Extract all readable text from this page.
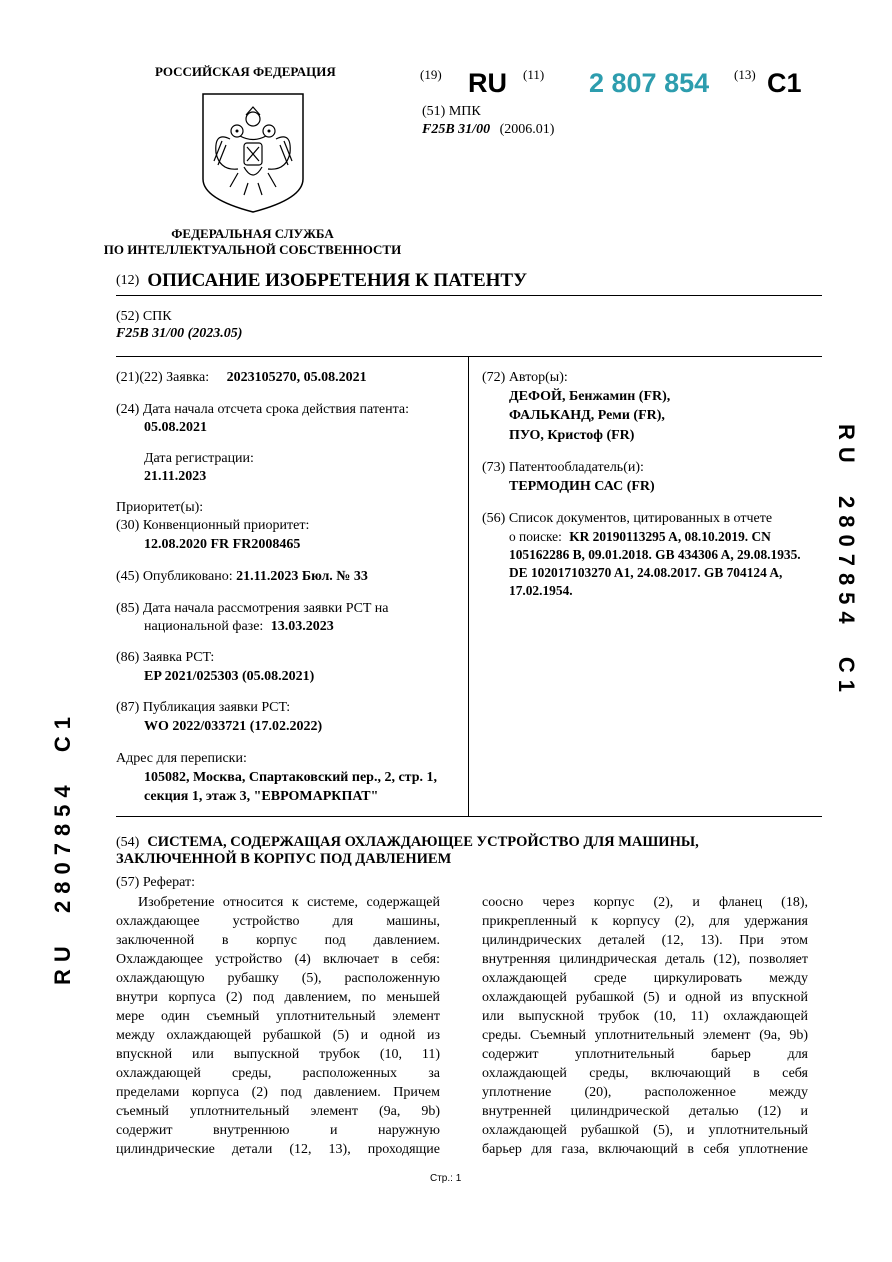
РОССИЙСКАЯ ФЕДЕРАЦИЯ
ФЕДЕРАЛЬНАЯ СЛУЖБА
ПО ИНТЕЛЛЕКТУАЛЬНОЙ СОБСТВЕННОСТИ
(19) RU (11) 2 807 854 (13) C1
(51) МПК
F25B 31/00 (2006.01)
(12) ОПИСАНИЕ ИЗОБРЕТЕНИЯ К ПАТЕНТУ
(52) СПК
F25B 31/00 (2023.05)
(21)(22) Заявка: 2023105270, 05.08.2021
(24) Дата начала отсчета срока действия патента:
05.08.2021
Дата регистрации:
21.11.2023
Приоритет(ы):
(30) Конвенционный приоритет:
12.08.2020 FR FR2008465
(45) Опубликовано: 21.11.2023 Бюл. № 33
(85) Дата начала рассмотрения заявки PCT на
национальной фазе: 13.03.2023
(86) Заявка PCT:
EP 2021/025303 (05.08.2021)
(87) Публикация заявки PCT:
WO 2022/033721 (17.02.2022)
Адрес для переписки:
105082, Москва, Спартаковский пер., 2, стр. 1,
секция 1, этаж 3, "ЕВРОМАРКПАТ"
(72) Автор(ы):
ДЕФОЙ, Бенжамин (FR),
ФАЛЬКАНД, Реми (FR),
ПУО, Кристоф (FR)
(73) Патентообладатель(и):
ТЕРМОДИН САС (FR)
(56) Список документов, цитированных в отчете
о поиске: KR 20190113295 A, 08.10.2019. CN
105162286 B, 09.01.2018. GB 434306 A, 29.08.1935.
DE 102017103270 A1, 24.08.2017. GB 704124 A,
17.02.1954.
(54) СИСТЕМА, СОДЕРЖАЩАЯ ОХЛАЖДАЮЩЕЕ УСТРОЙСТВО ДЛЯ МАШИНЫ,
ЗАКЛЮЧЕННОЙ В КОРПУС ПОД ДАВЛЕНИЕМ
(57) Реферат:
Изобретение относится к системе, содержащей
охлаждающее устройство для машины,
заключенной в корпус под давлением.
Охлаждающее устройство (4) включает в себя:
охлаждающую рубашку (5), расположенную
внутри корпуса (2) под давлением, по меньшей
мере один съемный уплотнительный элемент
между охлаждающей рубашкой (5) и одной из
впускной или выпускной трубок (10, 11)
охлаждающей среды, расположенных за
пределами корпуса (2) под давлением. Причем
съемный уплотнительный элемент (9a, 9b)
содержит внутреннюю и наружную
цилиндрические детали (12, 13), проходящие
соосно через корпус (2), и фланец (18),
прикрепленный к корпусу (2), для удержания
цилиндрических деталей (12, 13). При этом
внутренняя цилиндрическая деталь (12), позволяет
охлаждающей среде циркулировать между
охлаждающей рубашкой (5) и одной из впускной
или выпускной трубок (10, 11) охлаждающей
среды. Съемный уплотнительный элемент (9a, 9b)
содержит уплотнительный барьер для
охлаждающей среды, включающий в себя
уплотнение (20), расположенное между
внутренней цилиндрической деталью (12) и
охлаждающей рубашкой (5), и уплотнительный
барьер для газа, включающий в себя уплотнение
RU  2807854  C1
RU  2807854  C1
Стр.: 1
